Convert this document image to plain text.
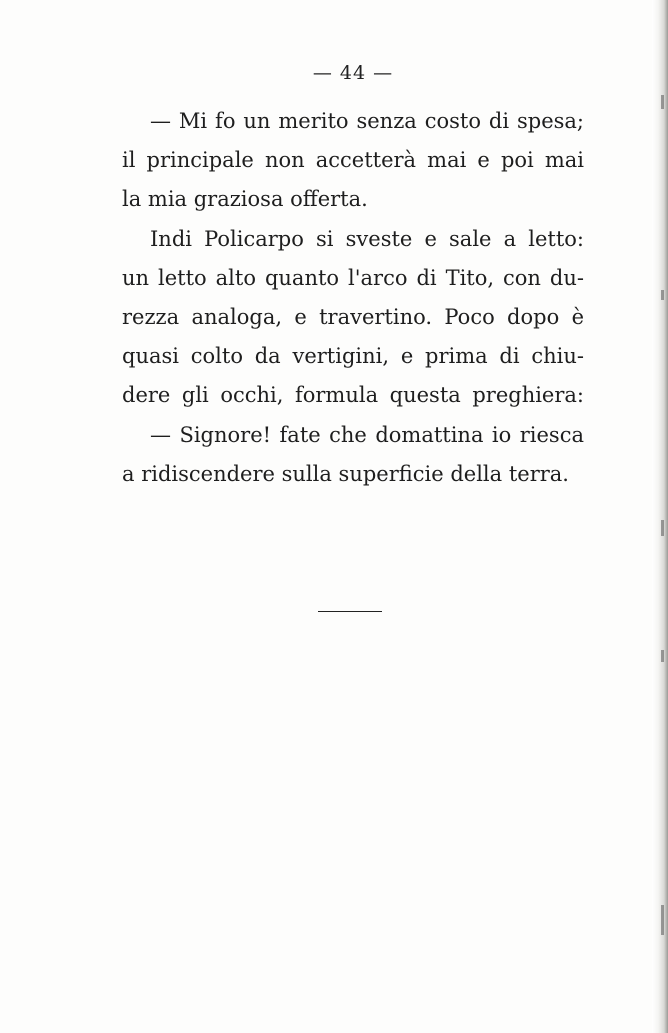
— 44 —
— Mi fo un merito senza costo di spesa;
il principale non accetterà mai e poi mai
la mia graziosa offerta.
Indi Policarpo si sveste e sale a letto:
un letto alto quanto l'arco di Tito, con du-
rezza analoga, e travertino. Poco dopo è
quasi colto da vertigini, e prima di chiu-
dere gli occhi, formula questa preghiera:
— Signore! fate che domattina io riesca
a ridiscendere sulla superficie della terra.
